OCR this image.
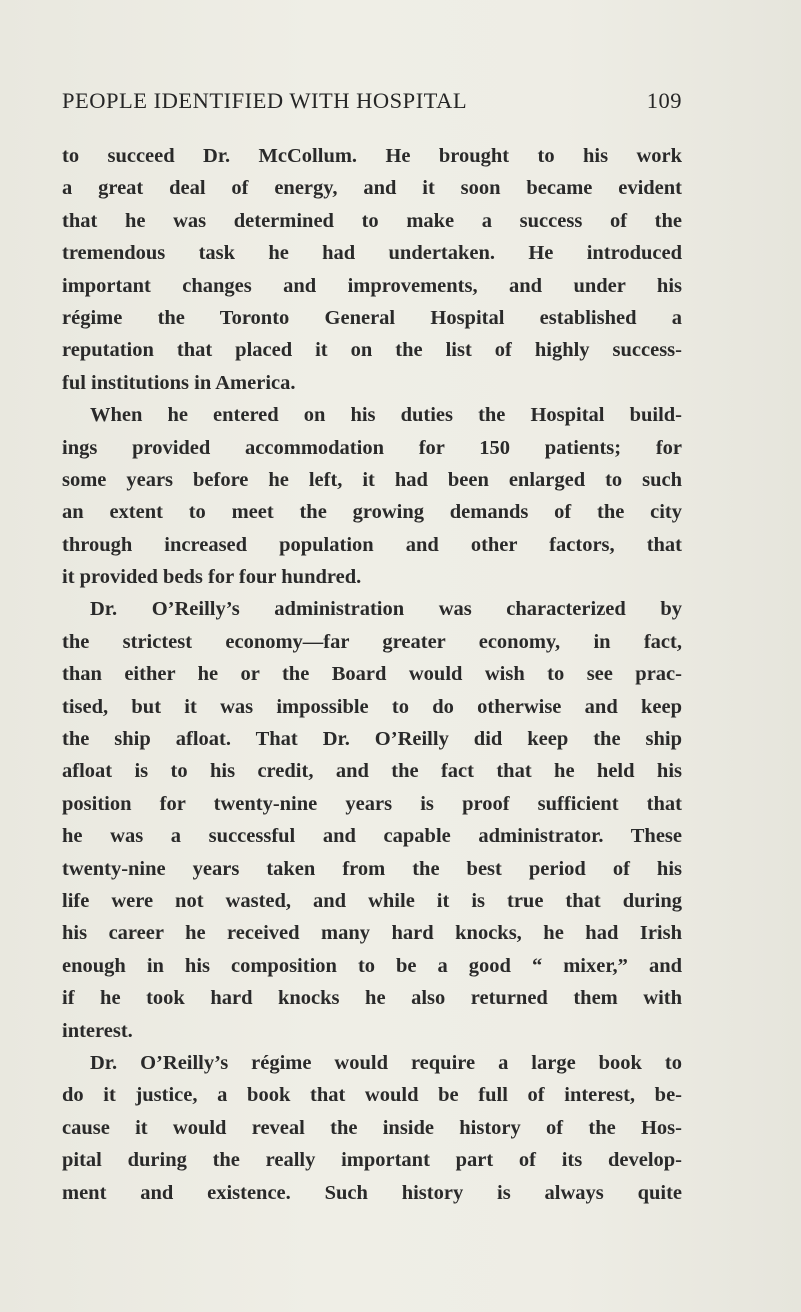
PEOPLE IDENTIFIED WITH HOSPITAL	109
to succeed Dr. McCollum. He brought to his work
a great deal of energy, and it soon became evident
that he was determined to make a success of the
tremendous task he had undertaken. He introduced
important changes and improvements, and under his
régime the Toronto General Hospital established a
reputation that placed it on the list of highly success-
ful institutions in America.
When he entered on his duties the Hospital build-
ings provided accommodation for 150 patients; for
some years before he left, it had been enlarged to such
an extent to meet the growing demands of the city
through increased population and other factors, that
it provided beds for four hundred.
Dr. O’Reilly’s administration was characterized by
the strictest economy—far greater economy, in fact,
than either he or the Board would wish to see prac-
tised, but it was impossible to do otherwise and keep
the ship afloat. That Dr. O’Reilly did keep the ship
afloat is to his credit, and the fact that he held his
position for twenty-nine years is proof sufficient that
he was a successful and capable administrator. These
twenty-nine years taken from the best period of his
life were not wasted, and while it is true that during
his career he received many hard knocks, he had Irish
enough in his composition to be a good “ mixer,” and
if he took hard knocks he also returned them with
interest.
Dr. O’Reilly’s régime would require a large book to
do it justice, a book that would be full of interest, be-
cause it would reveal the inside history of the Hos-
pital during the really important part of its develop-
ment and existence. Such history is always quite
